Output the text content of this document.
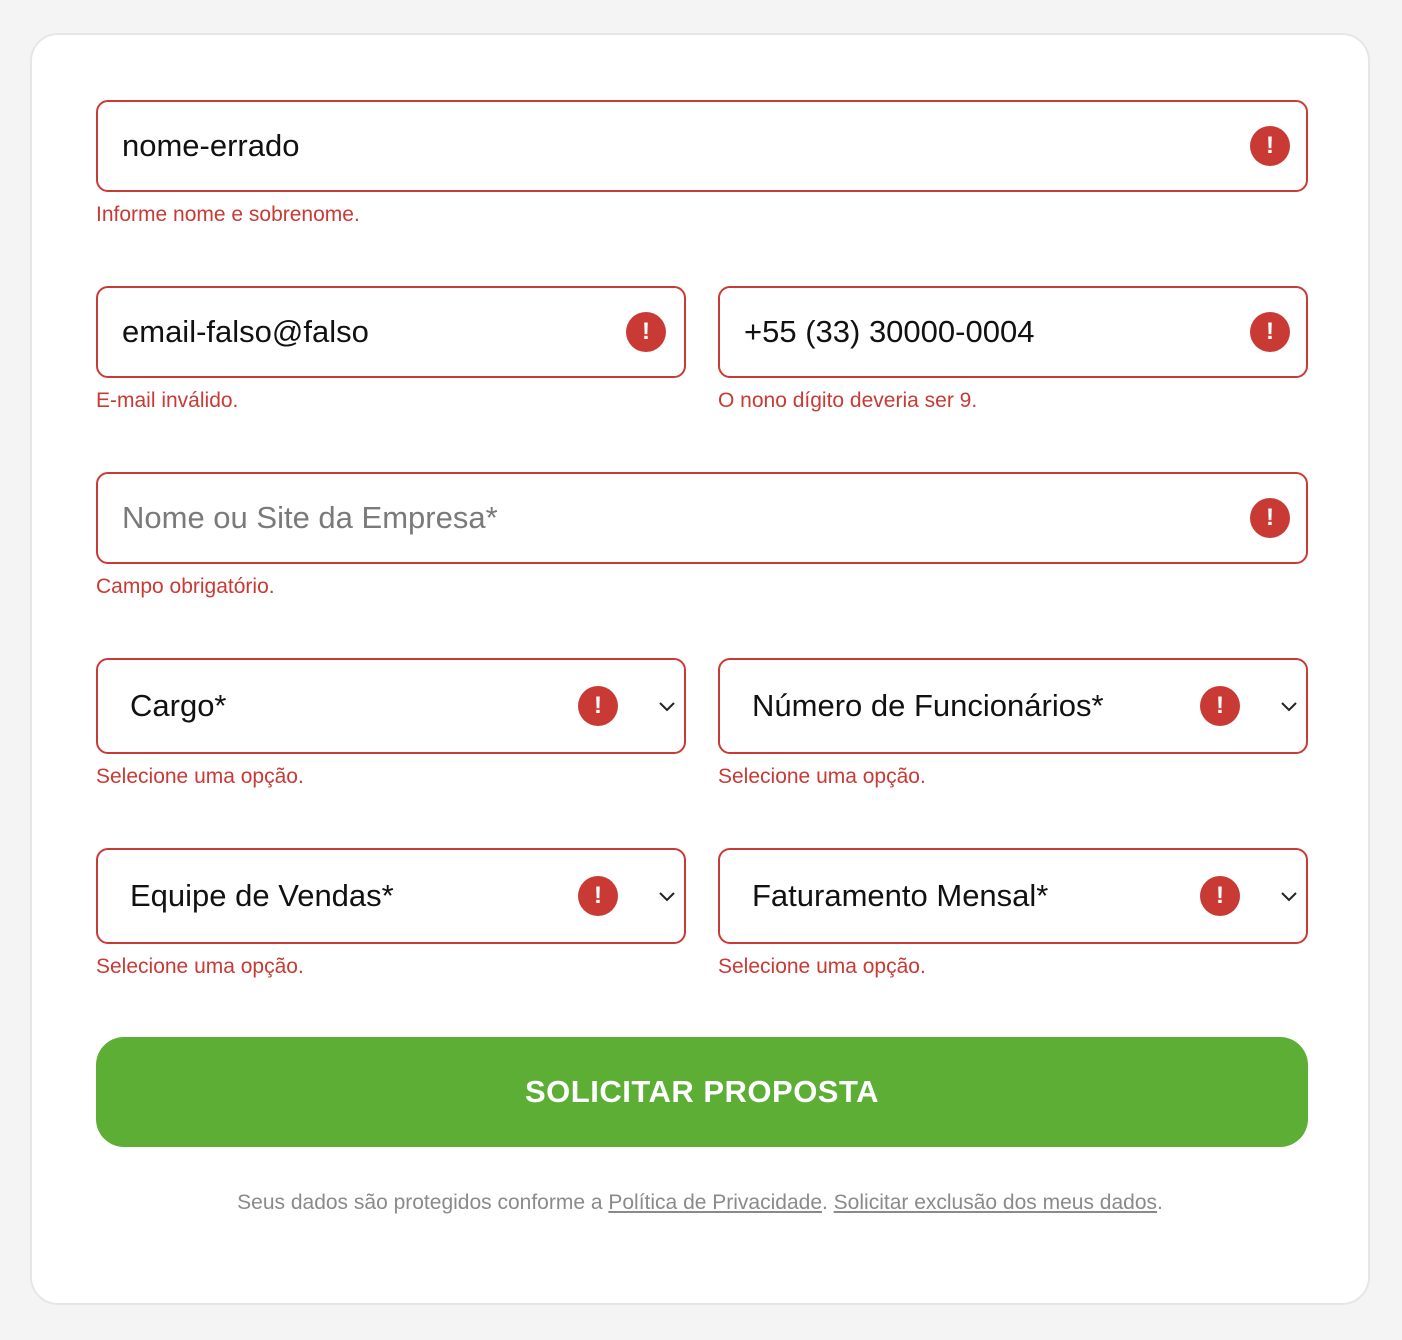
nome-errado	!
Informe nome e sobrenome.
email-falso@falso	!
E-mail inválido.
+55 (33) 30000-0004	!
O nono dígito deveria ser 9.
Nome ou Site da Empresa*	!
Campo obrigatório.
Cargo*	!
Selecione uma opção.
Número de Funcionários*	!
Selecione uma opção.
Equipe de Vendas*	!
Selecione uma opção.
Faturamento Mensal*	!
Selecione uma opção.
SOLICITAR PROPOSTA
Seus dados são protegidos conforme a Política de Privacidade. Solicitar exclusão dos meus dados.
